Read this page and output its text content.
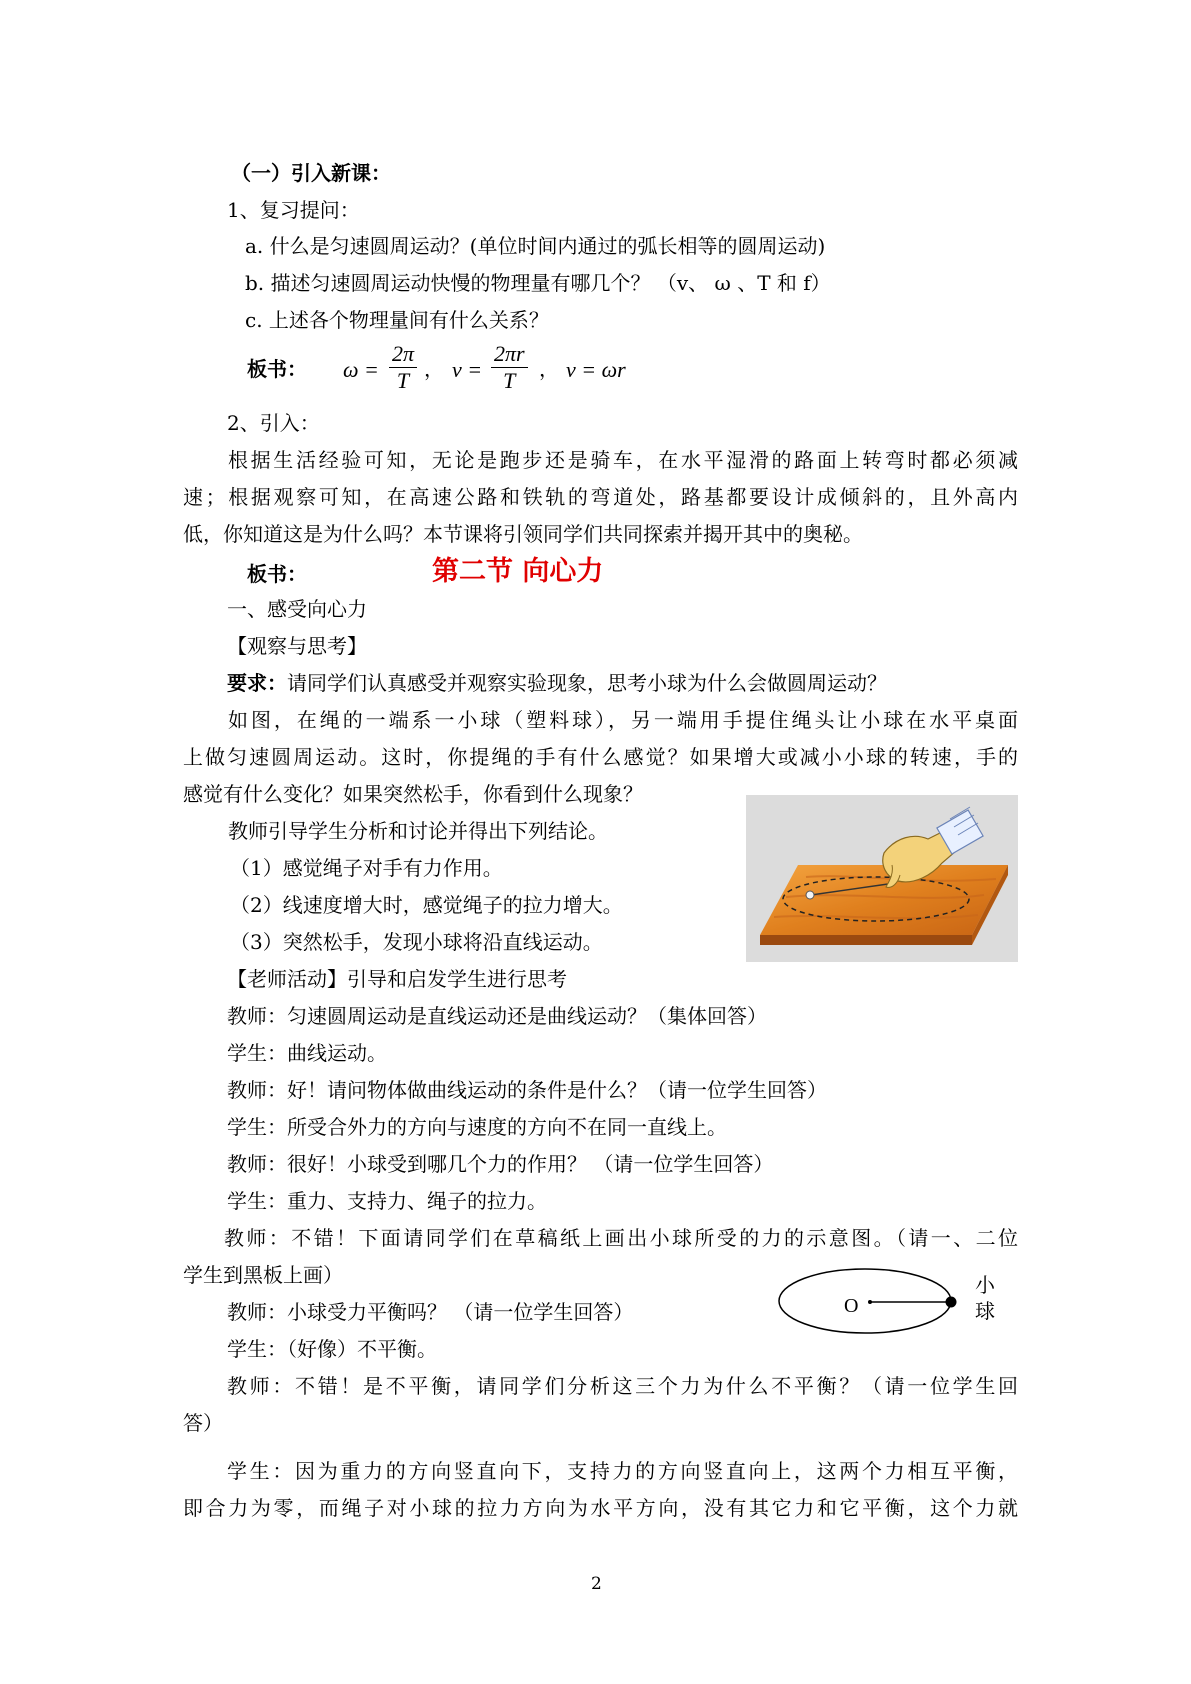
（一）引入新课：
1、复习提问：
a. 什么是匀速圆周运动？(单位时间内通过的弧长相等的圆周运动)
b. 描述匀速圆周运动快慢的物理量有哪几个？ （v、 ω 、T 和 f）
c. 上述各个物理量间有什么关系？
板书： $\omega = \frac{2\pi}{T}$ ， $v = \frac{2\pi r}{T}$ ， v = ωr
2、引入：
根据生活经验可知，无论是跑步还是骑车，在水平湿滑的路面上转弯时都必须减
速；根据观察可知，在高速公路和铁轨的弯道处，路基都要设计成倾斜的，且外高内
低，你知道这是为什么吗？本节课将引领同学们共同探索并揭开其中的奥秘。
板书：	第二节 向心力
一、感受向心力
【观察与思考】
要求：请同学们认真感受并观察实验现象，思考小球为什么会做圆周运动？
如图，在绳的一端系一小球（塑料球），另一端用手提住绳头让小球在水平桌面
上做匀速圆周运动。这时，你提绳的手有什么感觉？如果增大或减小小球的转速，手的
感觉有什么变化？如果突然松手，你看到什么现象？
教师引导学生分析和讨论并得出下列结论。
（1）感觉绳子对手有力作用。
（2）线速度增大时，感觉绳子的拉力增大。
（3）突然松手，发现小球将沿直线运动。
【老师活动】引导和启发学生进行思考
教师：匀速圆周运动是直线运动还是曲线运动？（集体回答）
学生：曲线运动。
教师：好！请问物体做曲线运动的条件是什么？（请一位学生回答）
学生：所受合外力的方向与速度的方向不在同一直线上。
教师：很好！小球受到哪几个力的作用？ （请一位学生回答）
学生：重力、支持力、绳子的拉力。
教师：不错！下面请同学们在草稿纸上画出小球所受的力的示意图。（请一、二位
学生到黑板上画）
教师：小球受力平衡吗？ （请一位学生回答）
学生：（好像）不平衡。
教师：不错！是不平衡，请同学们分析这三个力为什么不平衡？（请一位学生回
答）
学生：因为重力的方向竖直向下，支持力的方向竖直向上，这两个力相互平衡，
即合力为零，而绳子对小球的拉力方向为水平方向，没有其它力和它平衡，这个力就
O
小
球
2
